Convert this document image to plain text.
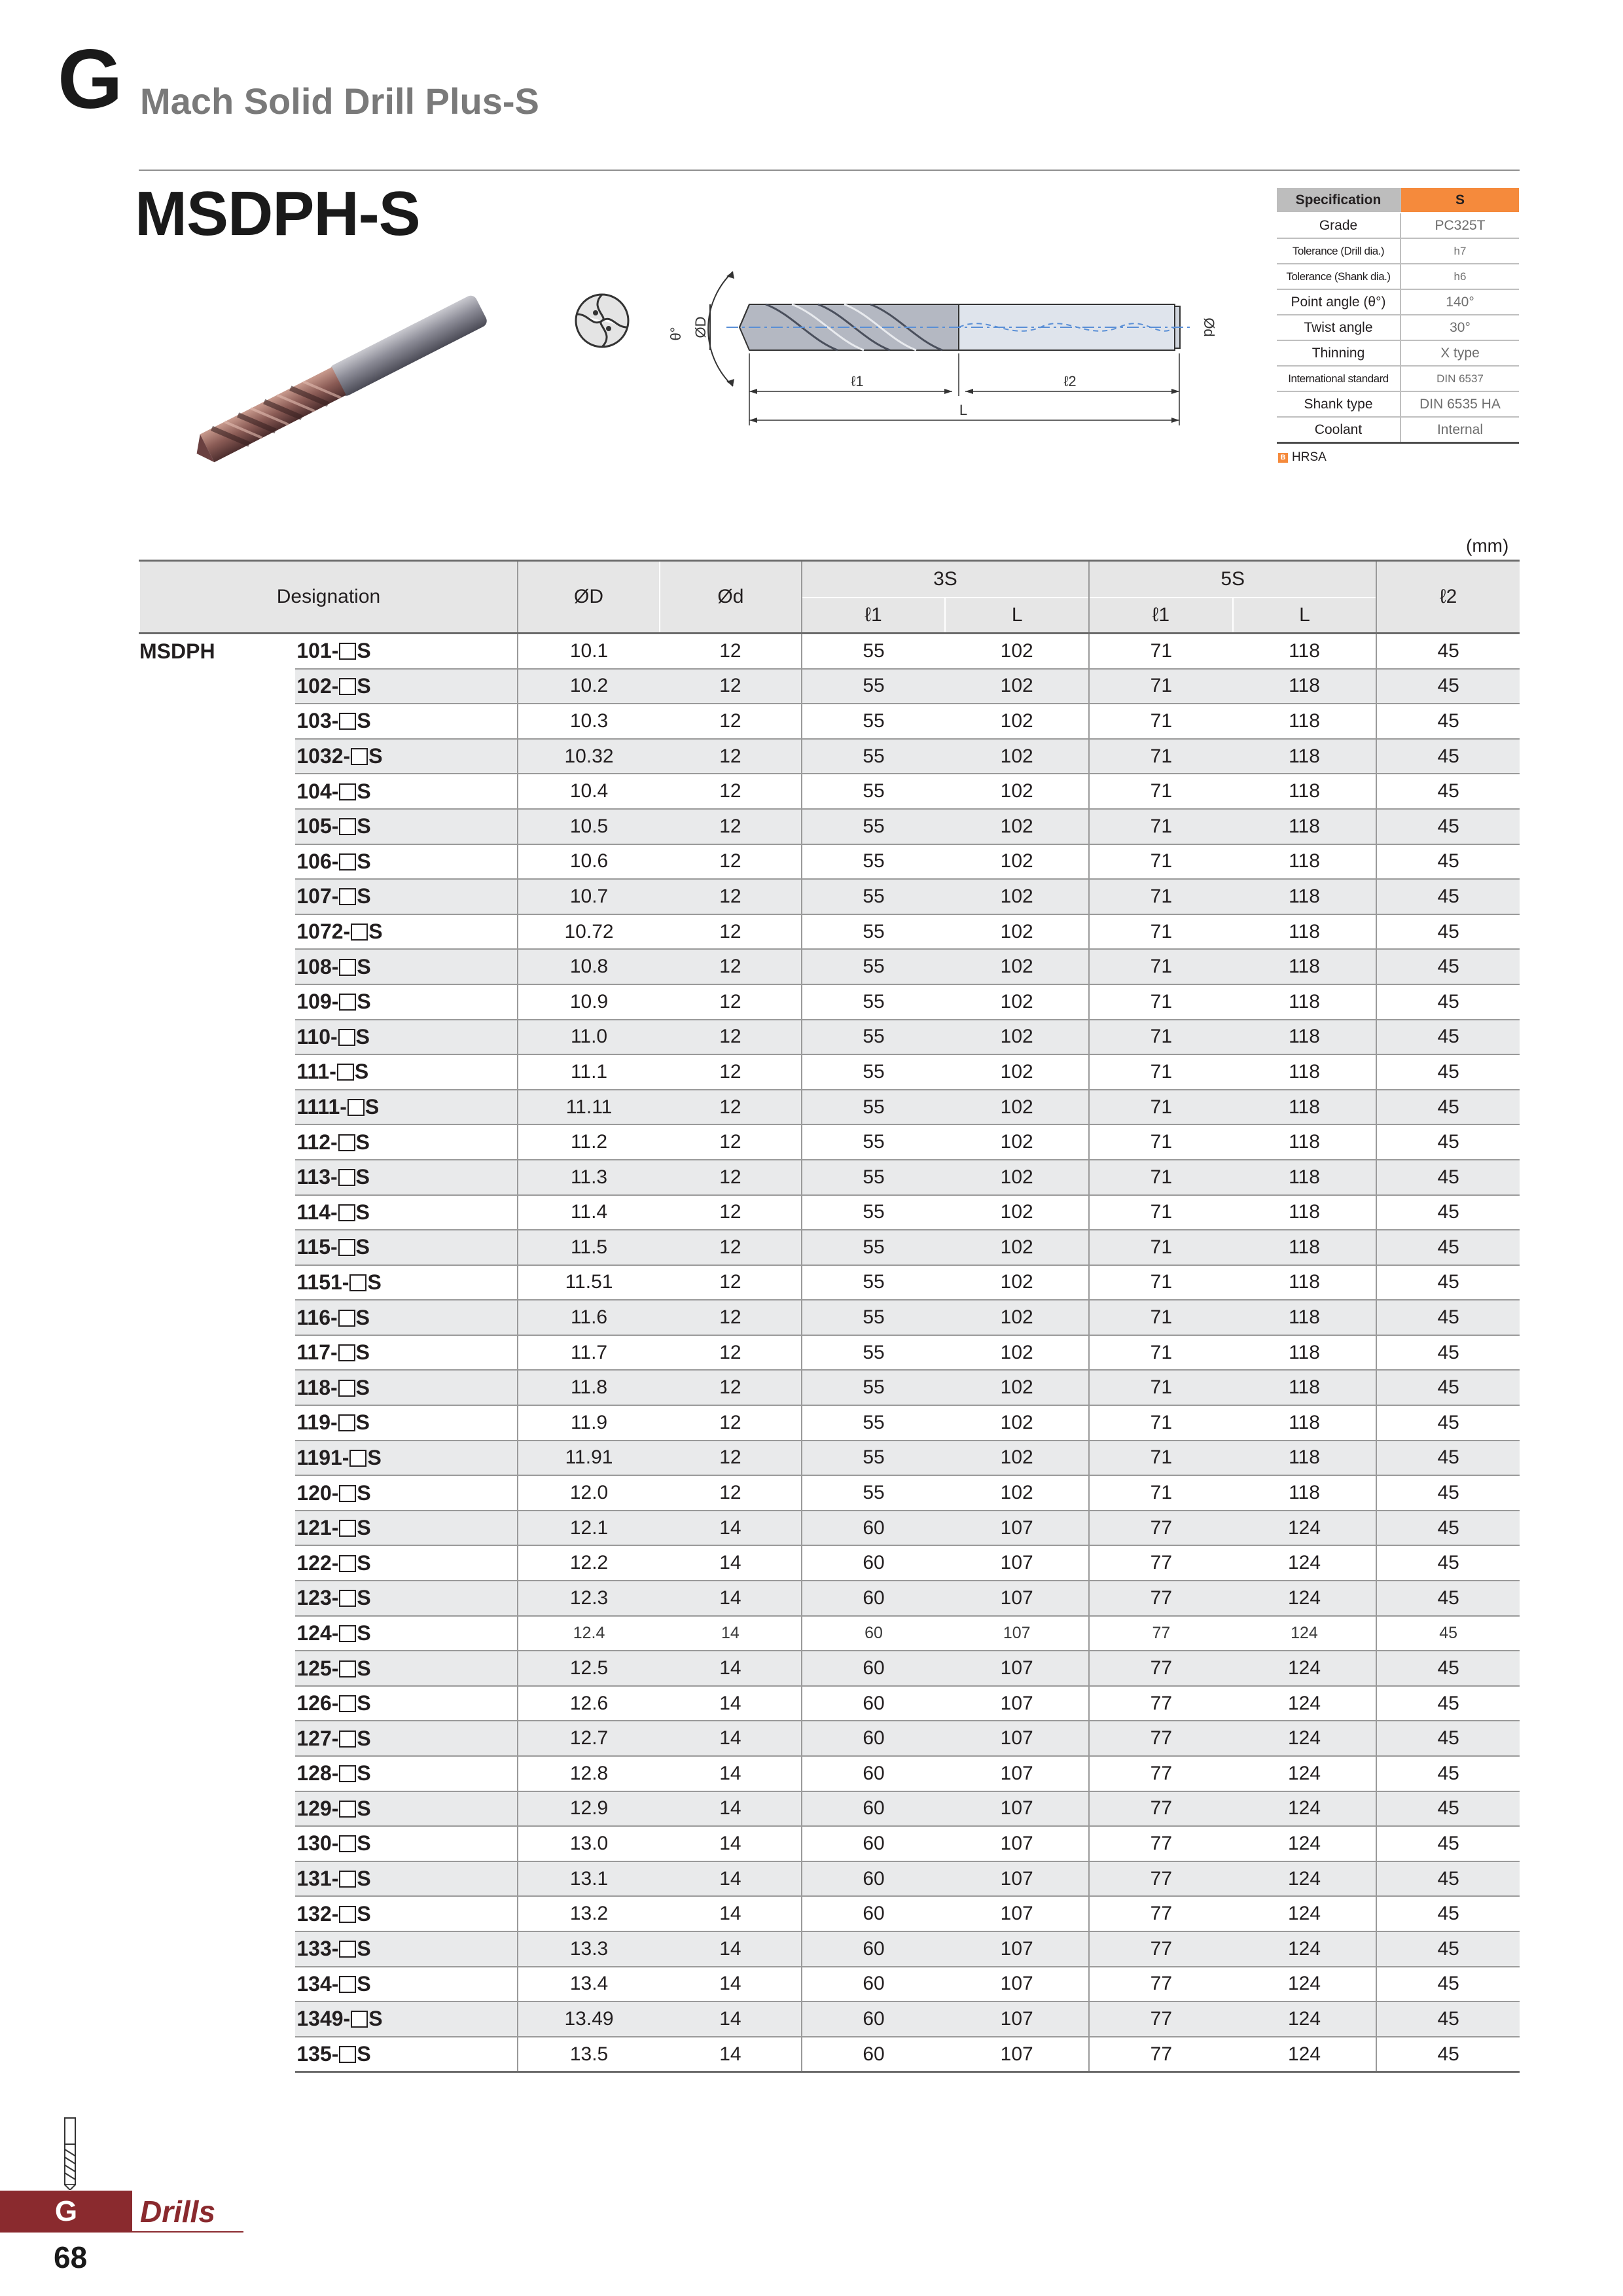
G Mach Solid Drill Plus-S
MSDPH-S
θ° ØD	Ød
ℓ1	ℓ2
L
Specification	S
Grade	PC325T
Tolerance (Drill dia.)	h7
Tolerance (Shank dia.)	h6
Point angle (θ°)	140°
Twist angle	30°
Thinning	X type
International standard	DIN 6537
Shank type	DIN 6535 HA
Coolant	Internal
B HRSA
(mm)
Designation		ØD	Ød	3S		5S		ℓ2
				ℓ1	L	ℓ1	L	
MSDPH	101- S	10.1	12	55	102	71	118	45
	102- S	10.2	12	55	102	71	118	45
	103- S	10.3	12	55	102	71	118	45
	1032- S	10.32	12	55	102	71	118	45
	104- S	10.4	12	55	102	71	118	45
	105- S	10.5	12	55	102	71	118	45
	106- S	10.6	12	55	102	71	118	45
	107- S	10.7	12	55	102	71	118	45
	1072- S	10.72	12	55	102	71	118	45
	108- S	10.8	12	55	102	71	118	45
	109- S	10.9	12	55	102	71	118	45
	110- S	11.0	12	55	102	71	118	45
	111- S	11.1	12	55	102	71	118	45
	1111- S	11.11	12	55	102	71	118	45
	112- S	11.2	12	55	102	71	118	45
	113- S	11.3	12	55	102	71	118	45
	114- S	11.4	12	55	102	71	118	45
	115- S	11.5	12	55	102	71	118	45
	1151- S	11.51	12	55	102	71	118	45
	116- S	11.6	12	55	102	71	118	45
	117- S	11.7	12	55	102	71	118	45
	118- S	11.8	12	55	102	71	118	45
	119- S	11.9	12	55	102	71	118	45
	1191- S	11.91	12	55	102	71	118	45
	120- S	12.0	12	55	102	71	118	45
	121- S	12.1	14	60	107	77	124	45
	122- S	12.2	14	60	107	77	124	45
	123- S	12.3	14	60	107	77	124	45
	124- S	12.4	14	60	107	77	124	45
	125- S	12.5	14	60	107	77	124	45
	126- S	12.6	14	60	107	77	124	45
	127- S	12.7	14	60	107	77	124	45
	128- S	12.8	14	60	107	77	124	45
	129- S	12.9	14	60	107	77	124	45
	130- S	13.0	14	60	107	77	124	45
	131- S	13.1	14	60	107	77	124	45
	132- S	13.2	14	60	107	77	124	45
	133- S	13.3	14	60	107	77	124	45
	134- S	13.4	14	60	107	77	124	45
	1349- S	13.49	14	60	107	77	124	45
	135- S	13.5	14	60	107	77	124	45
G	Drills
68
